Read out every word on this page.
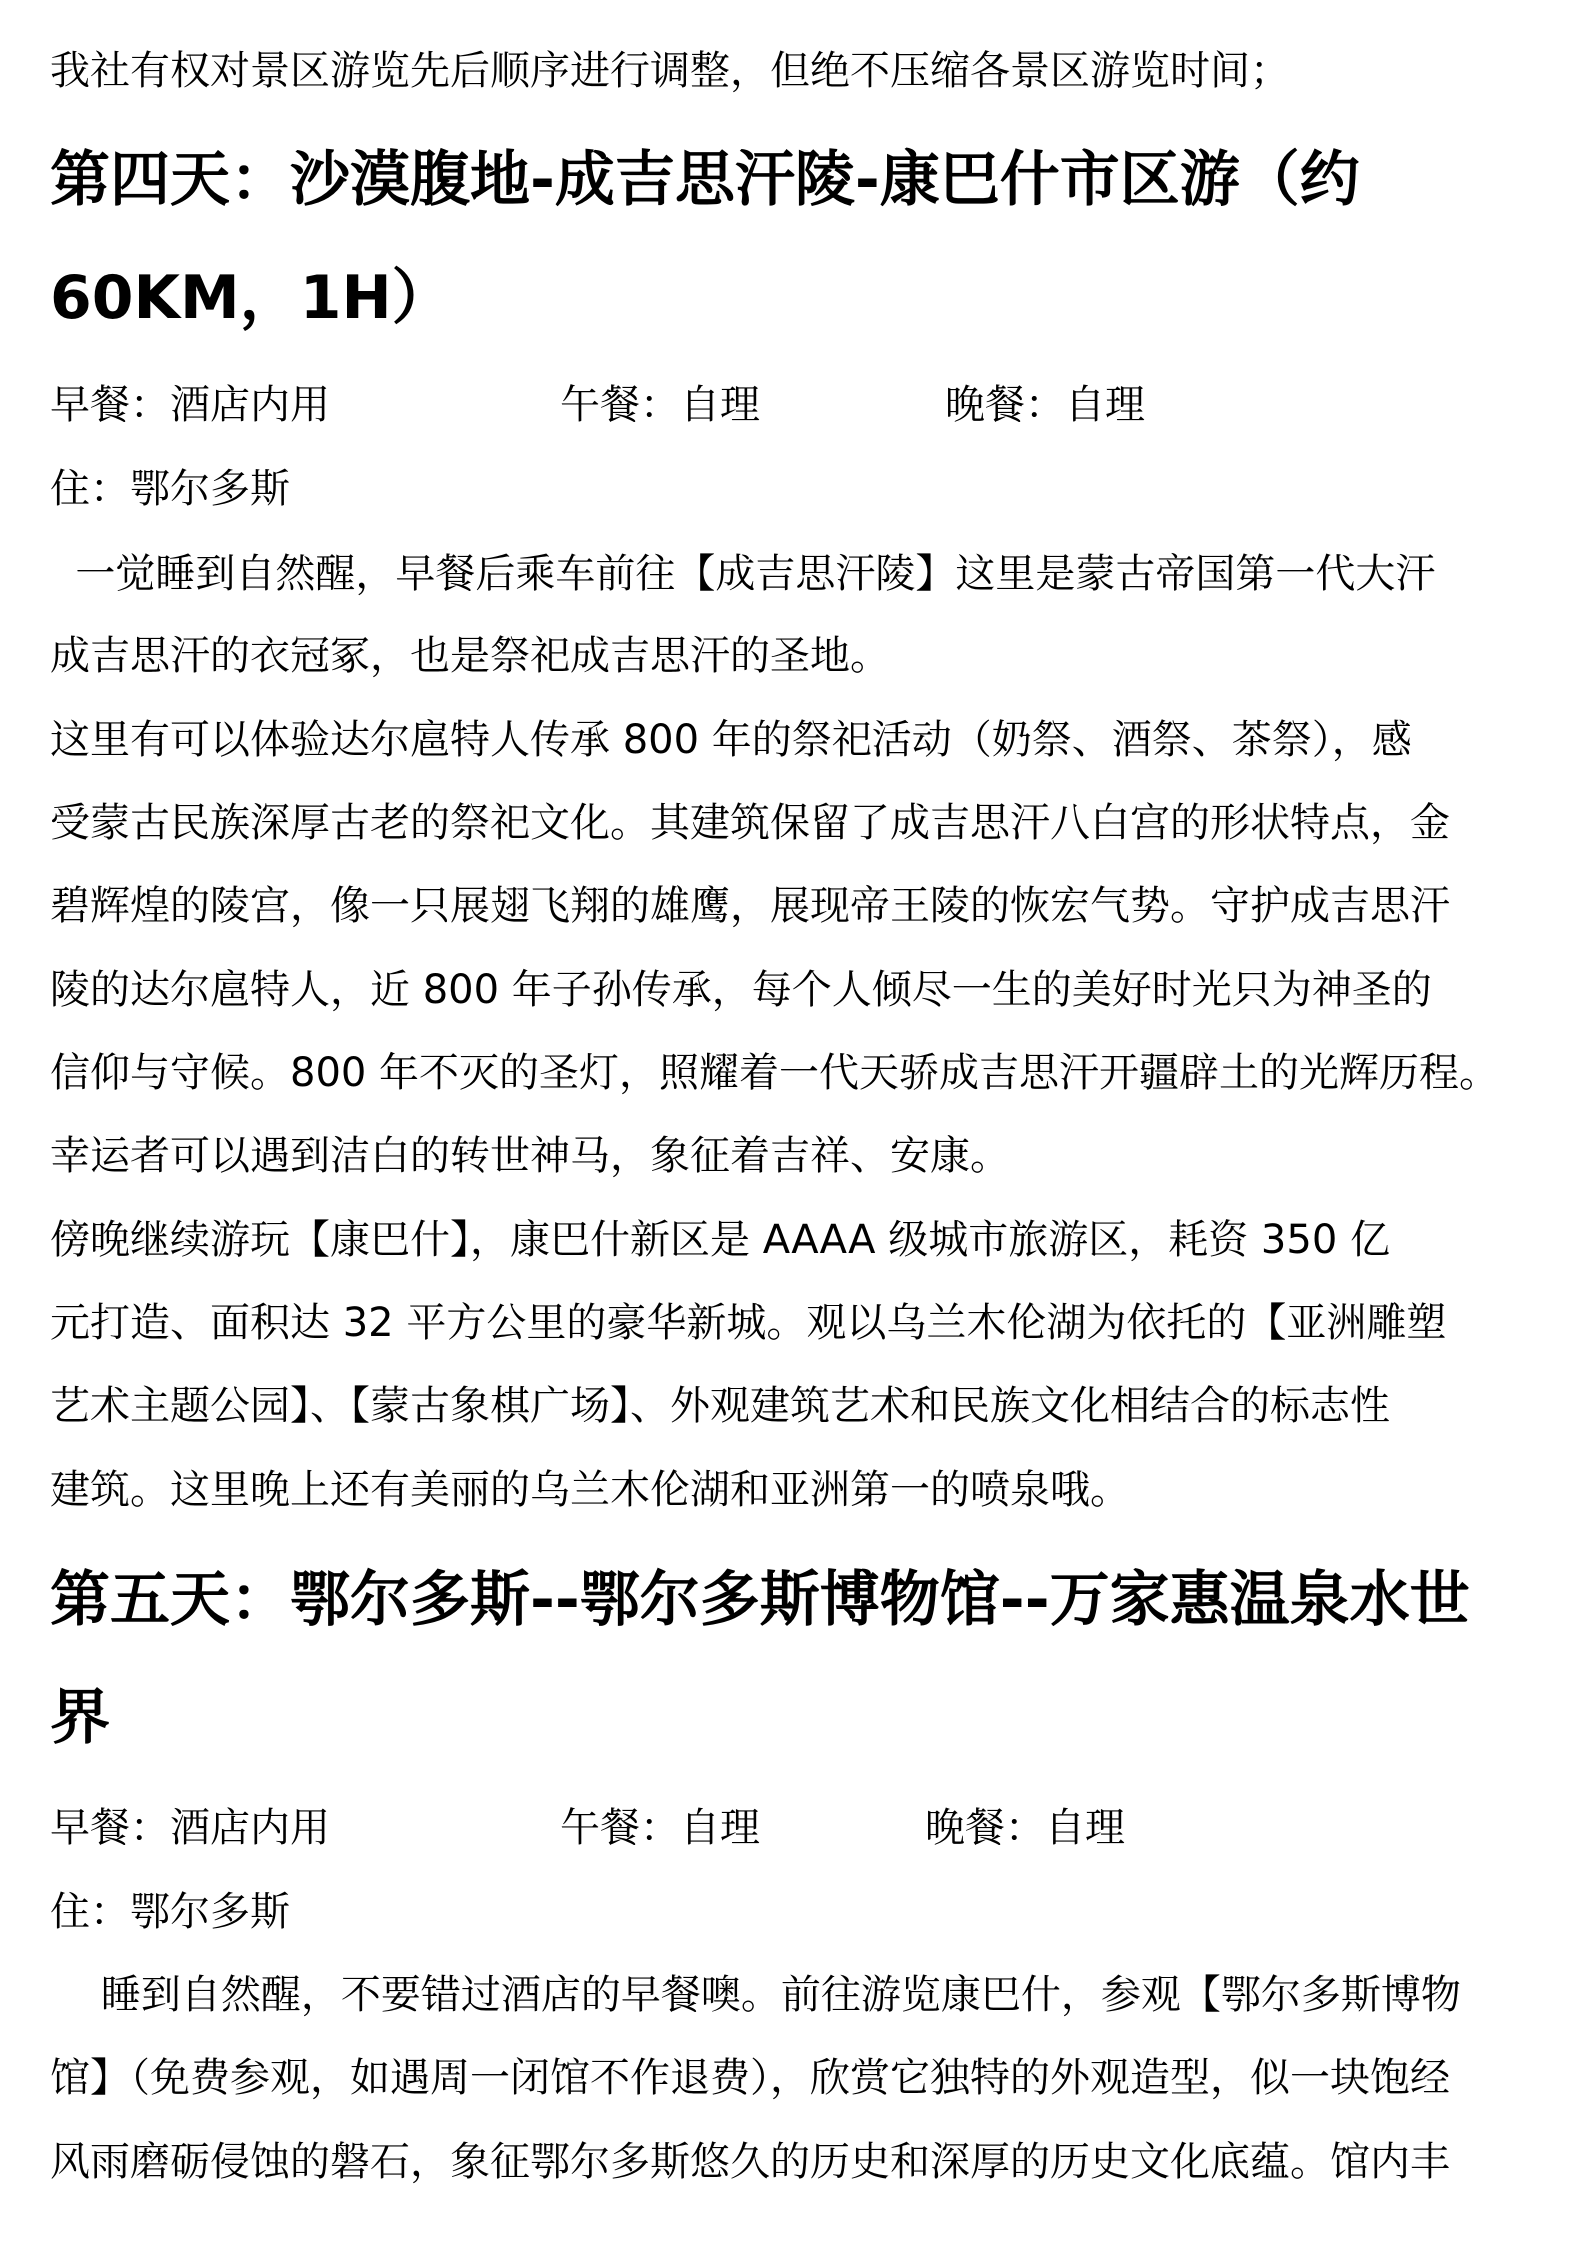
我社有权对景区游览先后顺序进行调整，但绝不压缩各景区游览时间；
第四天：沙漠腹地-成吉思汗陵-康巴什市区游（约
60KM，1H）
早餐：酒店内用	午餐：自理	晚餐：自理
住：鄂尔多斯
一觉睡到自然醒，早餐后乘车前往【成吉思汗陵】这里是蒙古帝国第一代大汗
成吉思汗的衣冠冢，也是祭祀成吉思汗的圣地。
这里有可以体验达尔扈特人传承 800 年的祭祀活动（奶祭、酒祭、茶祭），感
受蒙古民族深厚古老的祭祀文化。其建筑保留了成吉思汗八白宫的形状特点，金
碧辉煌的陵宫，像一只展翅飞翔的雄鹰，展现帝王陵的恢宏气势。守护成吉思汗
陵的达尔扈特人，近 800 年子孙传承，每个人倾尽一生的美好时光只为神圣的
信仰与守候。800 年不灭的圣灯，照耀着一代天骄成吉思汗开疆辟土的光辉历程。
幸运者可以遇到洁白的转世神马，象征着吉祥、安康。
傍晚继续游玩【康巴什】，康巴什新区是 AAAA 级城市旅游区，耗资 350 亿
元打造、面积达 32 平方公里的豪华新城。观以乌兰木伦湖为依托的【亚洲雕塑
艺术主题公园】、【蒙古象棋广场】、外观建筑艺术和民族文化相结合的标志性
建筑。这里晚上还有美丽的乌兰木伦湖和亚洲第一的喷泉哦。
第五天：鄂尔多斯--鄂尔多斯博物馆--万家惠温泉水世
界
早餐：酒店内用	午餐：自理	晚餐：自理
住：鄂尔多斯
睡到自然醒，不要错过酒店的早餐噢。前往游览康巴什，参观【鄂尔多斯博物
馆】（免费参观，如遇周一闭馆不作退费），欣赏它独特的外观造型，似一块饱经
风雨磨砺侵蚀的磐石，象征鄂尔多斯悠久的历史和深厚的历史文化底蕴。馆内丰
